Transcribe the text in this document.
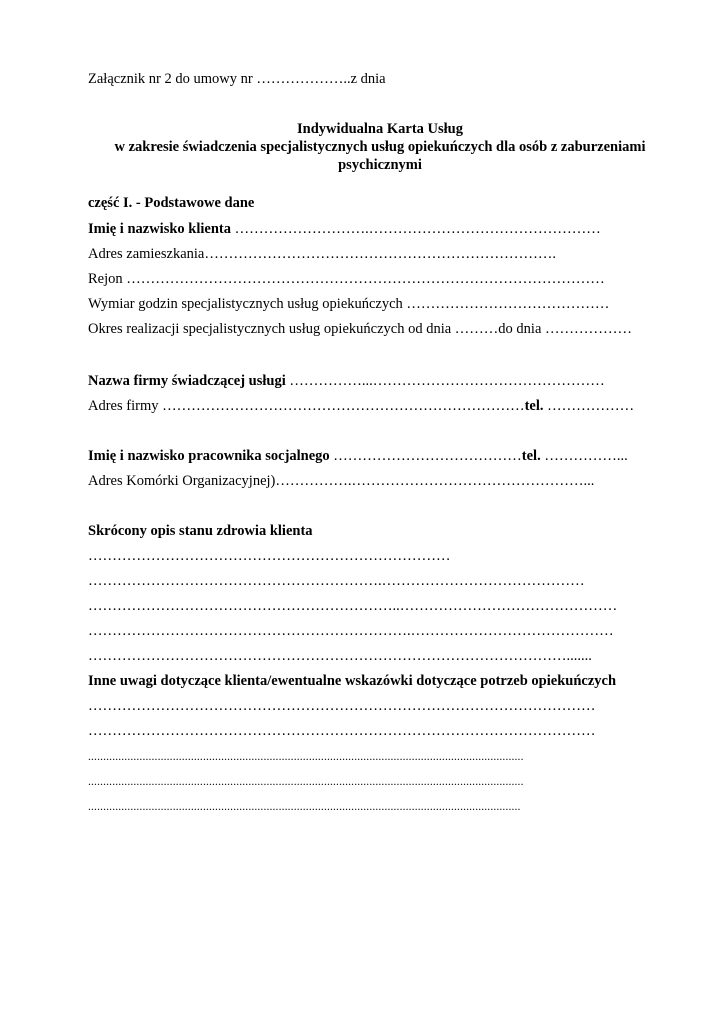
Załącznik nr 2 do umowy nr ………………..z dnia
Indywidualna Karta Usług
w zakresie świadczenia specjalistycznych usług opiekuńczych dla osób z zaburzeniami
psychicznymi
część I. - Podstawowe dane
Imię i nazwisko klienta ……………………….…………………………………………
Adres zamieszkania……………………………………………………………….
Rejon ………………………………………………………………………………………
Wymiar godzin specjalistycznych usług opiekuńczych ……………………………………
Okres realizacji specjalistycznych usług opiekuńczych od dnia ………do dnia ………………
Nazwa firmy świadczącej usługi ……………...…………………………………………
Adres firmy …………………………………………………………………tel. ………………
Imię i nazwisko pracownika socjalnego …………………………………tel. ……………...
Adres Komórki Organizacyjnej)…………….…………………………………………...
Skrócony opis stanu zdrowia klienta
…………………………………………………………………
…………………………………………………….……………………………………
………………………………………………………..………………………………………
………………………………………………………….……………………………………
……………………………………………………………………………………….......
Inne uwagi dotyczące klienta/ewentualne wskazówki dotyczące potrzeb opiekuńczych
……………………………………………………………………………………………
……………………………………………………………………………………………
................................................................................................................................................
................................................................................................................................................
...............................................................................................................................................
